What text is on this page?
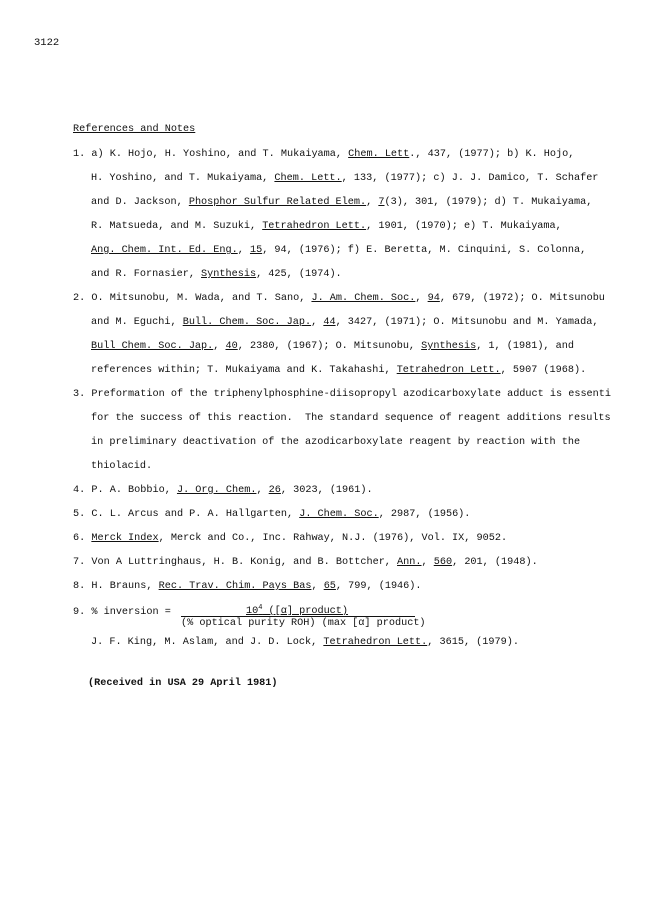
3122
References and Notes
1. a) K. Hojo, H. Yoshino, and T. Mukaiyama, Chem. Lett., 437, (1977); b) K. Hojo,
H. Yoshino, and T. Mukaiyama, Chem. Lett., 133, (1977); c) J. J. Damico, T. Schafer
and D. Jackson, Phosphor Sulfur Related Elem., 7(3), 301, (1979); d) T. Mukaiyama,
R. Matsueda, and M. Suzuki, Tetrahedron Lett., 1901, (1970); e) T. Mukaiyama,
Ang. Chem. Int. Ed. Eng., 15, 94, (1976); f) E. Beretta, M. Cinquini, S. Colonna,
and R. Fornasier, Synthesis, 425, (1974).
2. O. Mitsunobu, M. Wada, and T. Sano, J. Am. Chem. Soc., 94, 679, (1972); O. Mitsunobu
and M. Eguchi, Bull. Chem. Soc. Jap., 44, 3427, (1971); O. Mitsunobu and M. Yamada,
Bull Chem. Soc. Jap., 40, 2380, (1967); O. Mitsunobu, Synthesis, 1, (1981), and
references within; T. Mukaiyama and K. Takahashi, Tetrahedron Lett., 5907 (1968).
3. Preformation of the triphenylphosphine-diisopropyl azodicarboxylate adduct is essenti
for the success of this reaction.  The standard sequence of reagent additions results
in preliminary deactivation of the azodicarboxylate reagent by reaction with the
thiolacid.
4. P. A. Bobbio, J. Org. Chem., 26, 3023, (1961).
5. C. L. Arcus and P. A. Hallgarten, J. Chem. Soc., 2987, (1956).
6. Merck Index, Merck and Co., Inc. Rahway, N.J. (1976), Vol. IX, 9052.
7. Von A Luttringhaus, H. B. Konig, and B. Bottcher, Ann., 560, 201, (1948).
8. H. Brauns, Rec. Trav. Chim. Pays Bas, 65, 799, (1946).
9. % inversion =	$10^4$ ([α] product)
(% optical purity ROH) (max [α] product)
J. F. King, M. Aslam, and J. D. Lock, Tetrahedron Lett., 3615, (1979).
(Received in USA 29 April 1981)
